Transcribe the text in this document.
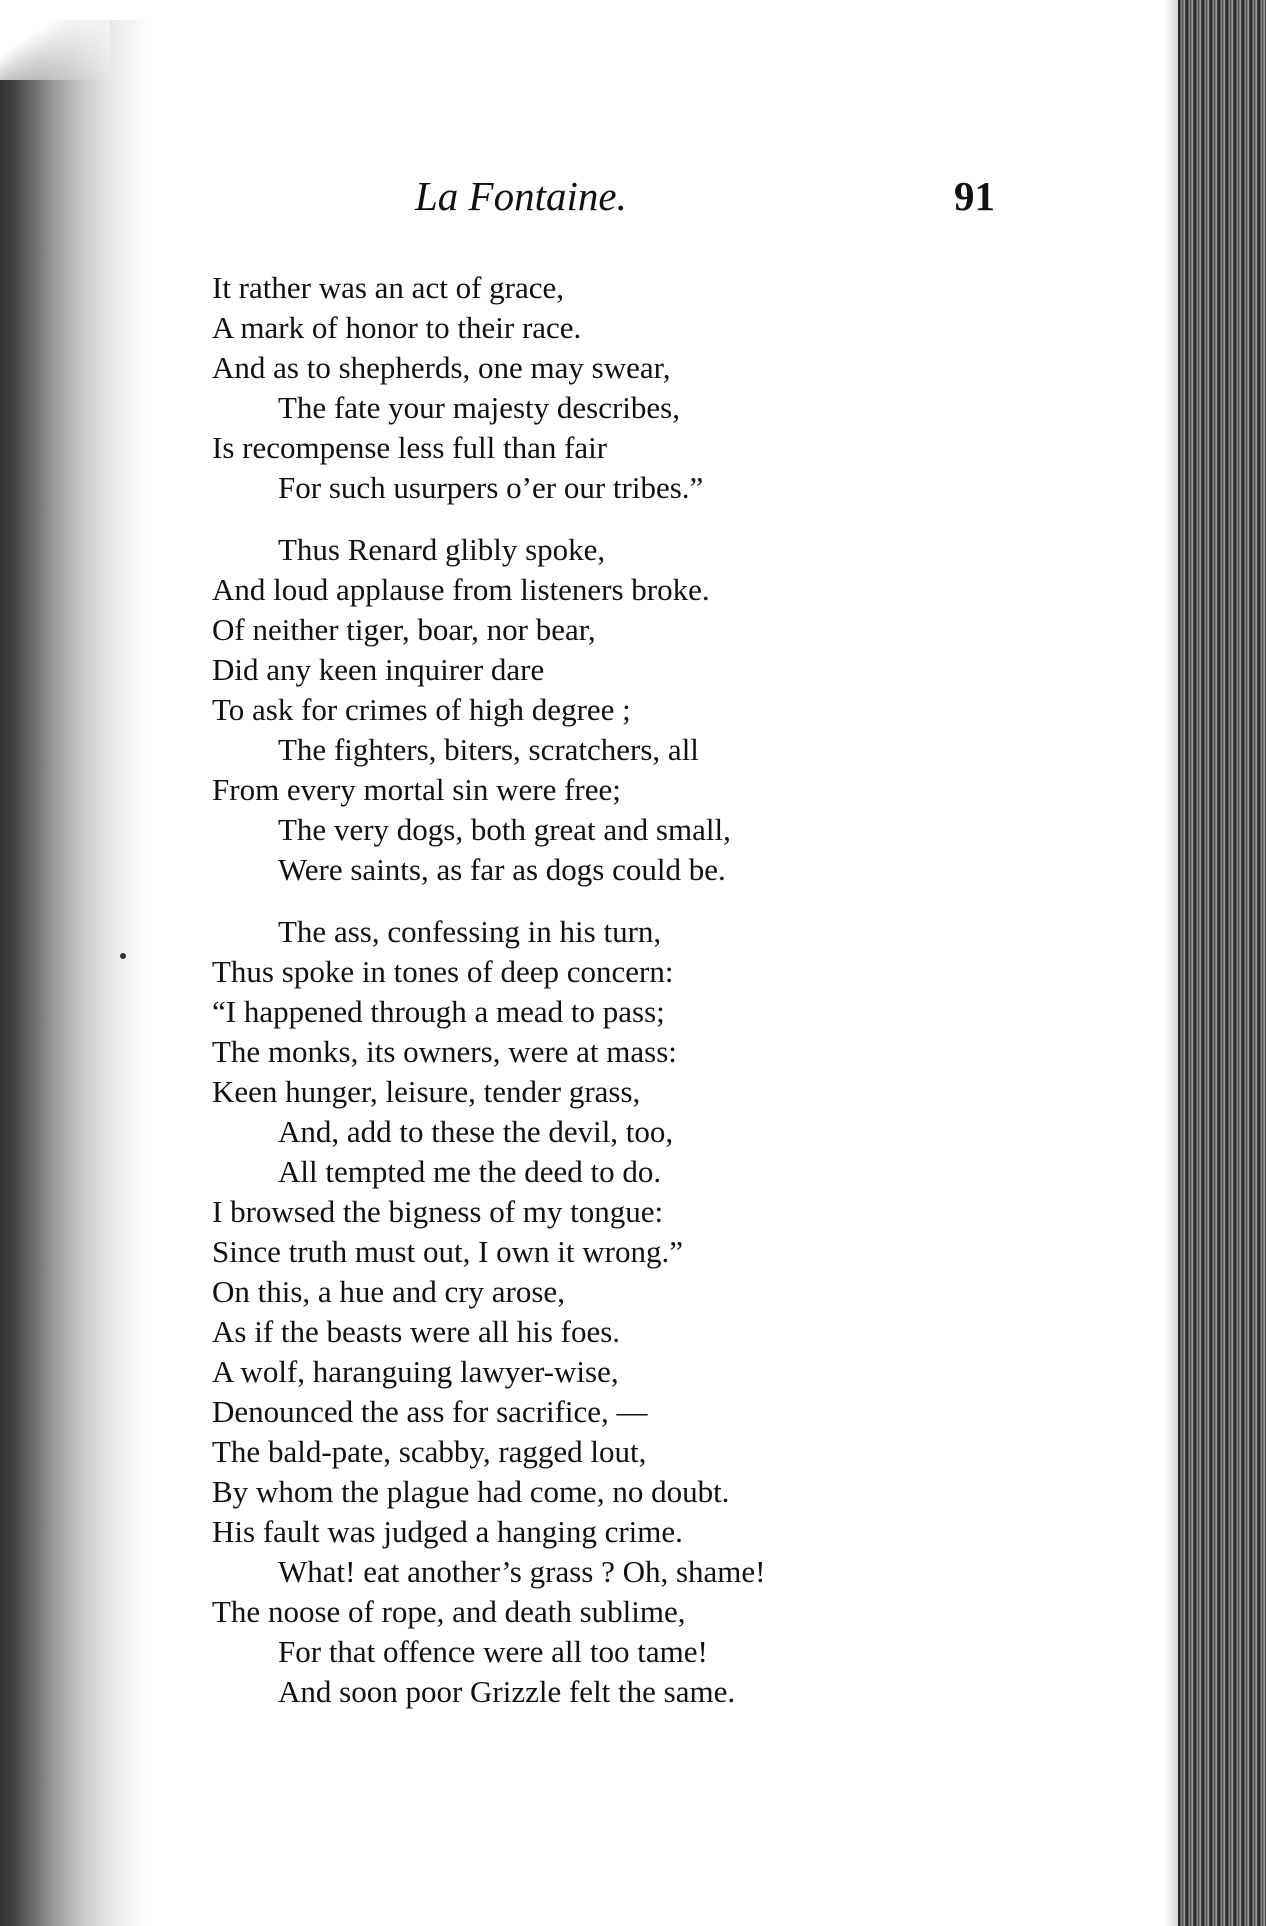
La Fontaine.	91
It rather was an act of grace,
A mark of honor to their race.
And as to shepherds, one may swear,
The fate your majesty describes,
Is recompense less full than fair
For such usurpers o’er our tribes.”
Thus Renard glibly spoke,
And loud applause from listeners broke.
Of neither tiger, boar, nor bear,
Did any keen inquirer dare
To ask for crimes of high degree ;
The fighters, biters, scratchers, all
From every mortal sin were free;
The very dogs, both great and small,
Were saints, as far as dogs could be.
The ass, confessing in his turn,
Thus spoke in tones of deep concern:
“I happened through a mead to pass;
The monks, its owners, were at mass:
Keen hunger, leisure, tender grass,
And, add to these the devil, too,
All tempted me the deed to do.
I browsed the bigness of my tongue:
Since truth must out, I own it wrong.”
On this, a hue and cry arose,
As if the beasts were all his foes.
A wolf, haranguing lawyer-wise,
Denounced the ass for sacrifice, —
The bald-pate, scabby, ragged lout,
By whom the plague had come, no doubt.
His fault was judged a hanging crime.
What! eat another’s grass ? Oh, shame!
The noose of rope, and death sublime,
For that offence were all too tame!
And soon poor Grizzle felt the same.
